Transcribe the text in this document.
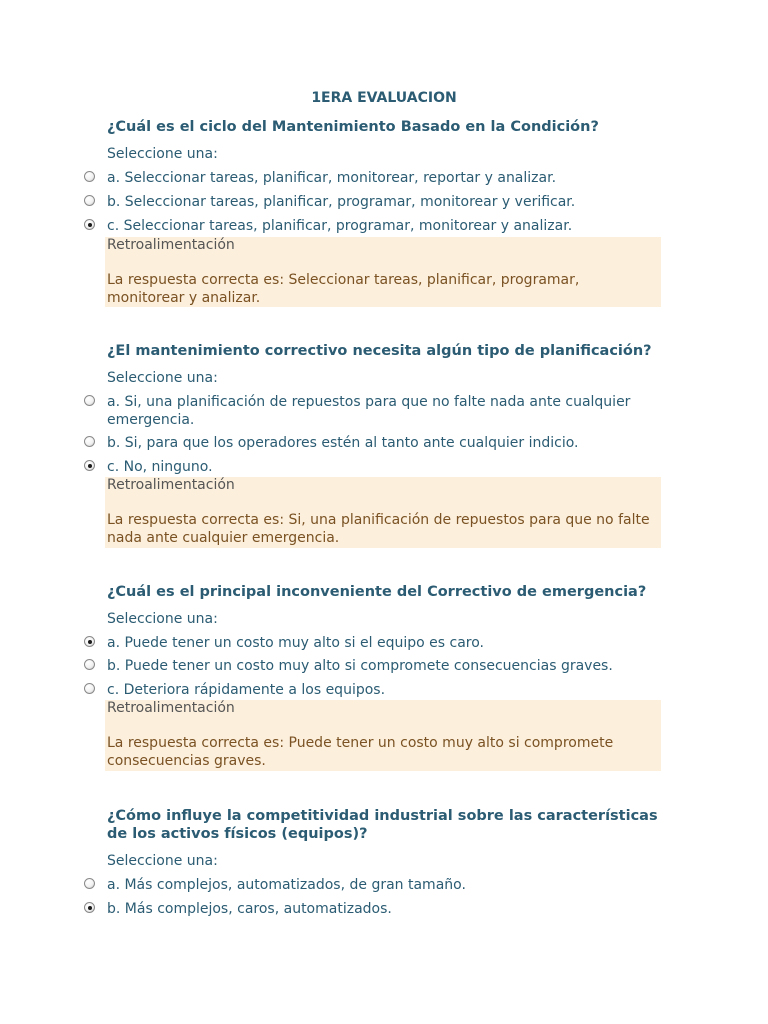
1ERA EVALUACION
¿Cuál es el ciclo del Mantenimiento Basado en la Condición?
Seleccione una:
a. Seleccionar tareas, planificar, monitorear, reportar y analizar.
b. Seleccionar tareas, planificar, programar, monitorear y verificar.
c. Seleccionar tareas, planificar, programar, monitorear y analizar.
Retroalimentación
La respuesta correcta es: Seleccionar tareas, planificar, programar, monitorear y analizar.
¿El mantenimiento correctivo necesita algún tipo de planificación?
Seleccione una:
a. Si, una planificación de repuestos para que no falte nada ante cualquier emergencia.
b. Si, para que los operadores estén al tanto ante cualquier indicio.
c. No, ninguno.
Retroalimentación
La respuesta correcta es: Si, una planificación de repuestos para que no falte nada ante cualquier emergencia.
¿Cuál es el principal inconveniente del Correctivo de emergencia?
Seleccione una:
a. Puede tener un costo muy alto si el equipo es caro.
b. Puede tener un costo muy alto si compromete consecuencias graves.
c. Deteriora rápidamente a los equipos.
Retroalimentación
La respuesta correcta es: Puede tener un costo muy alto si compromete consecuencias graves.
¿Cómo influye la competitividad industrial sobre las características de los activos físicos (equipos)?
Seleccione una:
a. Más complejos, automatizados, de gran tamaño.
b. Más complejos, caros, automatizados.
